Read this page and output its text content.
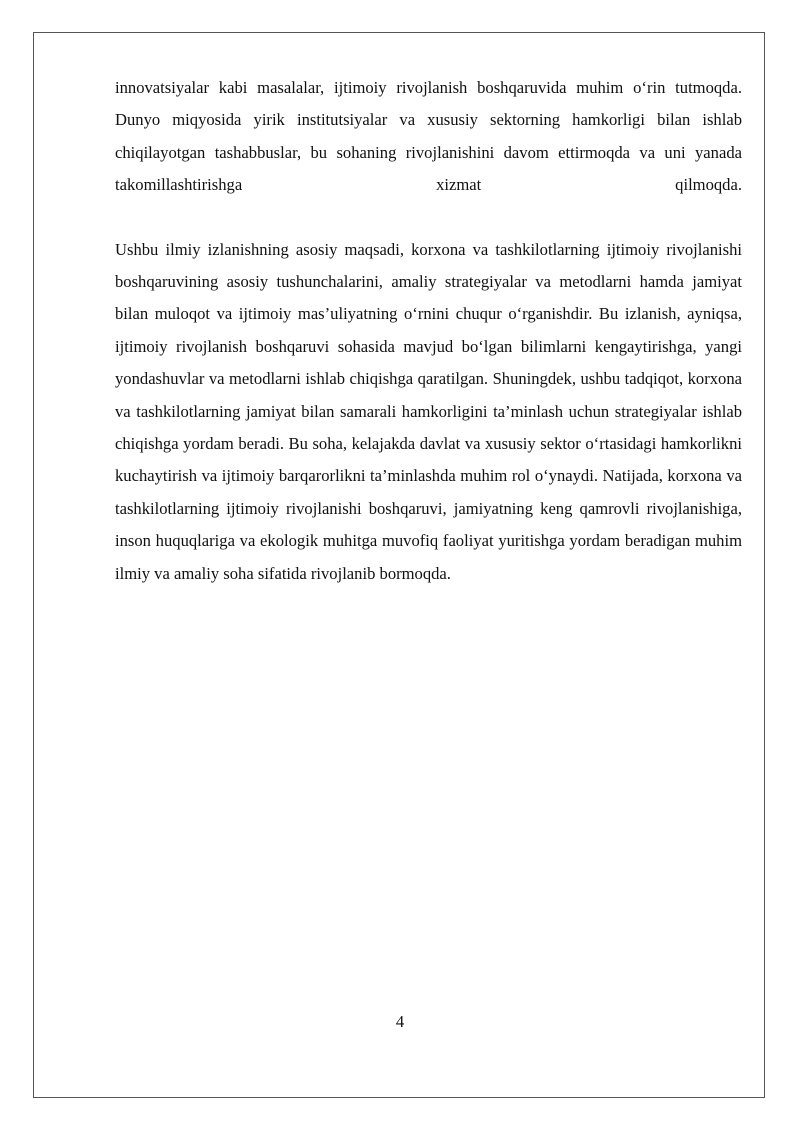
innovatsiyalar kabi masalalar, ijtimoiy rivojlanish boshqaruvida muhim o‘rin tutmoqda. Dunyo miqyosida yirik institutsiyalar va xususiy sektorning hamkorligi bilan ishlab chiqilayotgan tashabbuslar, bu sohaning rivojlanishini davom ettirmoqda va uni yanada takomillashtirishga xizmat qilmoqda.

Ushbu ilmiy izlanishning asosiy maqsadi, korxona va tashkilotlarning ijtimoiy rivojlanishi boshqaruvining asosiy tushunchalarini, amaliy strategiyalar va metodlarni hamda jamiyat bilan muloqot va ijtimoiy mas’uliyatning o‘rnini chuqur o‘rganishdir. Bu izlanish, ayniqsa, ijtimoiy rivojlanish boshqaruvi sohasida mavjud bo‘lgan bilimlarni kengaytirishga, yangi yondashuvlar va metodlarni ishlab chiqishga qaratilgan. Shuningdek, ushbu tadqiqot, korxona va tashkilotlarning jamiyat bilan samarali hamkorligini ta’minlash uchun strategiyalar ishlab chiqishga yordam beradi. Bu soha, kelajakda davlat va xususiy sektor o‘rtasidagi hamkorlikni kuchaytirish va ijtimoiy barqarorlikni ta’minlashda muhim rol o‘ynaydi. Natijada, korxona va tashkilotlarning ijtimoiy rivojlanishi boshqaruvi, jamiyatning keng qamrovli rivojlanishiga, inson huquqlariga va ekologik muhitga muvofiq faoliyat yuritishga yordam beradigan muhim ilmiy va amaliy soha sifatida rivojlanib bormoqda.

4
